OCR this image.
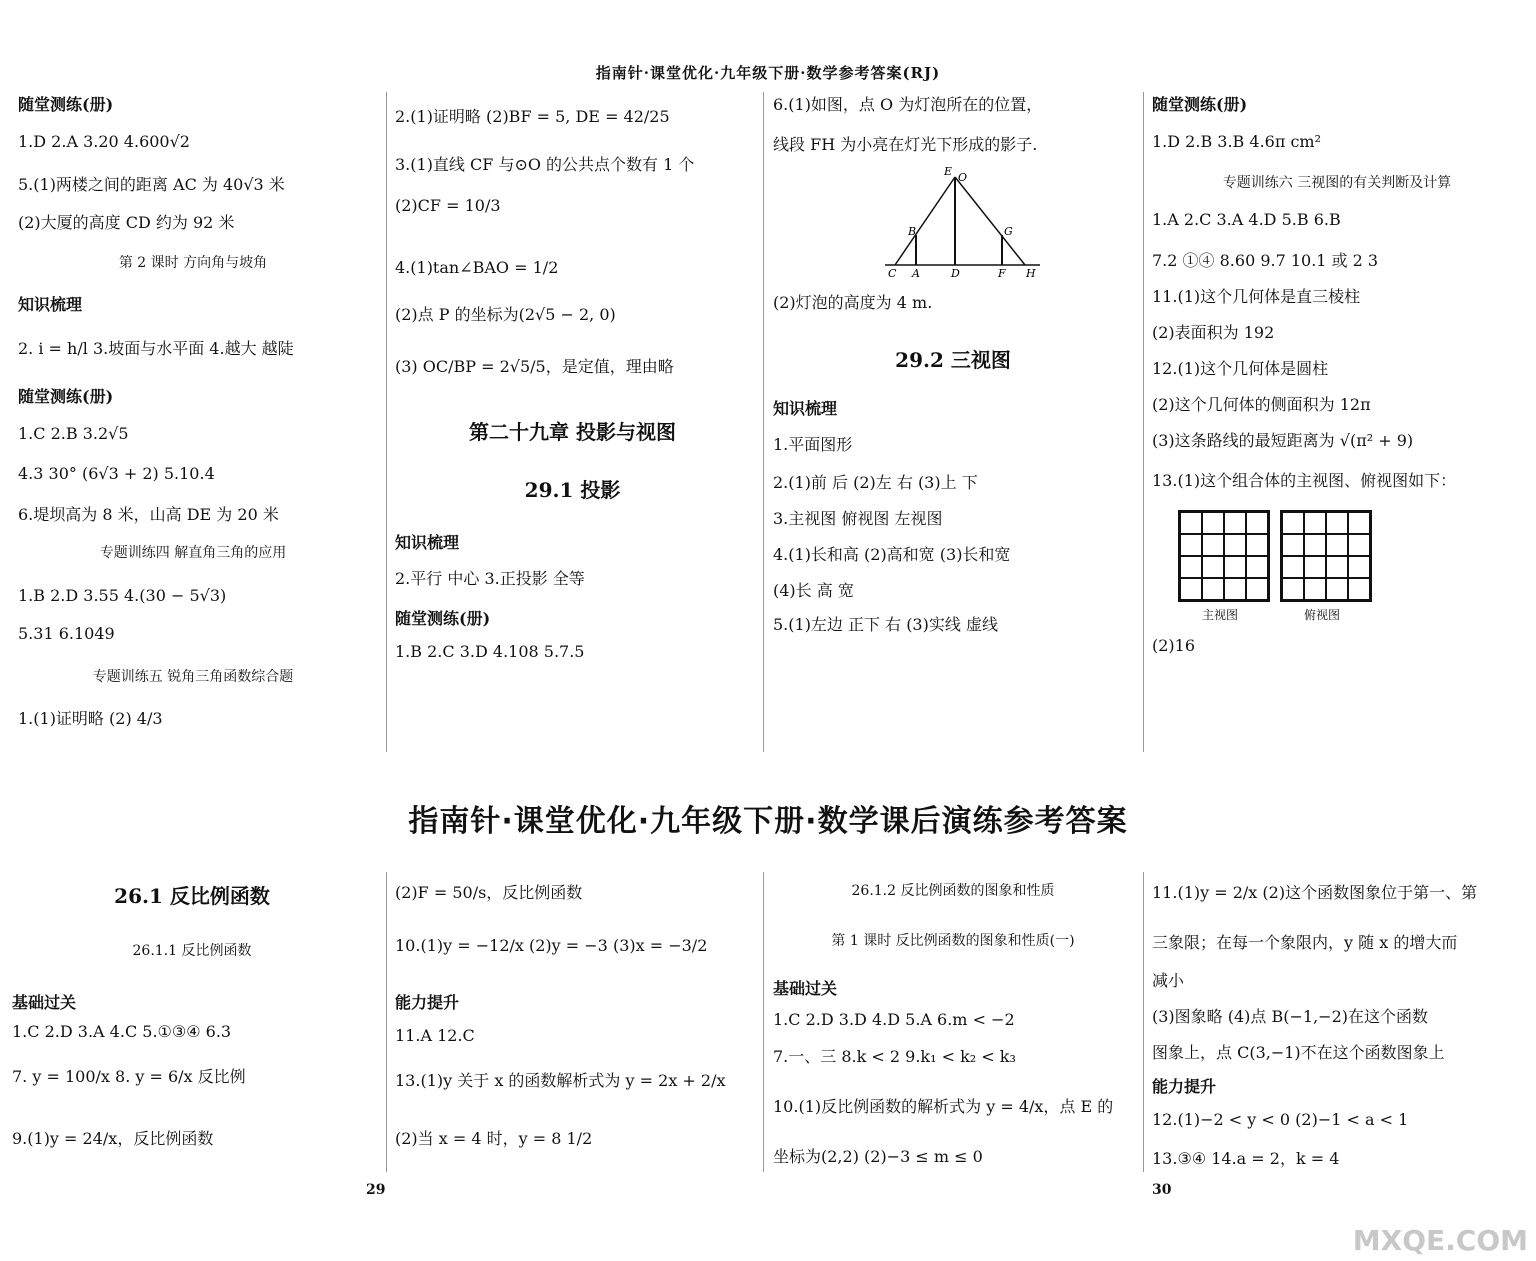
指南针·课堂优化·九年级下册·数学参考答案(RJ)
随堂测练(册)
1.D 2.A 3.20 4.600√2
5.(1)两楼之间的距离 AC 为 40√3 米
(2)大厦的高度 CD 约为 92 米
第 2 课时 方向角与坡角
知识梳理
2. i = h/l 3.坡面与水平面 4.越大 越陡
随堂测练(册)
1.C 2.B 3.2√5
4.3 30° (6√3 + 2) 5.10.4
6.堤坝高为 8 米，山高 DE 为 20 米
专题训练四 解直角三角的应用
1.B 2.D 3.55 4.(30 − 5√3)
5.31 6.1049
专题训练五 锐角三角函数综合题
1.(1)证明略 (2) 4/3
2.(1)证明略 (2)BF = 5, DE = 42/25
3.(1)直线 CF 与⊙O 的公共点个数有 1 个
(2)CF = 10/3
4.(1)tan∠BAO = 1/2
(2)点 P 的坐标为(2√5 − 2, 0)
(3) OC/BP = 2√5/5，是定值，理由略
第二十九章 投影与视图
29.1 投影
知识梳理
2.平行 中心 3.正投影 全等
随堂测练(册)
1.B 2.C 3.D 4.108 5.7.5
6.(1)如图，点 O 为灯泡所在的位置，
线段 FH 为小亮在灯光下形成的影子.
(2)灯泡的高度为 4 m.
29.2 三视图
知识梳理
1.平面图形
2.(1)前 后 (2)左 右 (3)上 下
3.主视图 俯视图 左视图
4.(1)长和高 (2)高和宽 (3)长和宽
(4)长 高 宽
5.(1)左边 正下 右 (3)实线 虚线
随堂测练(册)
1.D 2.B 3.B 4.6π cm²
专题训练六 三视图的有关判断及计算
1.A 2.C 3.A 4.D 5.B 6.B
7.2 ①④ 8.60 9.7 10.1 或 2 3
11.(1)这个几何体是直三棱柱
(2)表面积为 192
12.(1)这个几何体是圆柱
(2)这个几何体的侧面积为 12π
(3)这条路线的最短距离为 √(π² + 9)
13.(1)这个组合体的主视图、俯视图如下：
(2)16
E O
B	G
C A	D	F H
主视图	俯视图
指南针·课堂优化·九年级下册·数学课后演练参考答案
26.1 反比例函数
26.1.1 反比例函数
基础过关
1.C 2.D 3.A 4.C 5.①③④ 6.3
7. y = 100/x 8. y = 6/x 反比例
9.(1)y = 24/x，反比例函数
(2)F = 50/s，反比例函数
10.(1)y = −12/x (2)y = −3 (3)x = −3/2
能力提升
11.A 12.C
13.(1)y 关于 x 的函数解析式为 y = 2x + 2/x
(2)当 x = 4 时，y = 8 1/2
26.1.2 反比例函数的图象和性质
第 1 课时 反比例函数的图象和性质(一)
基础过关
1.C 2.D 3.D 4.D 5.A 6.m < −2
7.一、三 8.k < 2 9.k₁ < k₂ < k₃
10.(1)反比例函数的解析式为 y = 4/x，点 E 的
坐标为(2,2) (2)−3 ≤ m ≤ 0
11.(1)y = 2/x (2)这个函数图象位于第一、第
三象限；在每一个象限内，y 随 x 的增大而
减小
(3)图象略 (4)点 B(−1,−2)在这个函数
图象上，点 C(3,−1)不在这个函数图象上
能力提升
12.(1)−2 < y < 0 (2)−1 < a < 1
13.③④ 14.a = 2，k = 4
29	30
MXQE.COM
